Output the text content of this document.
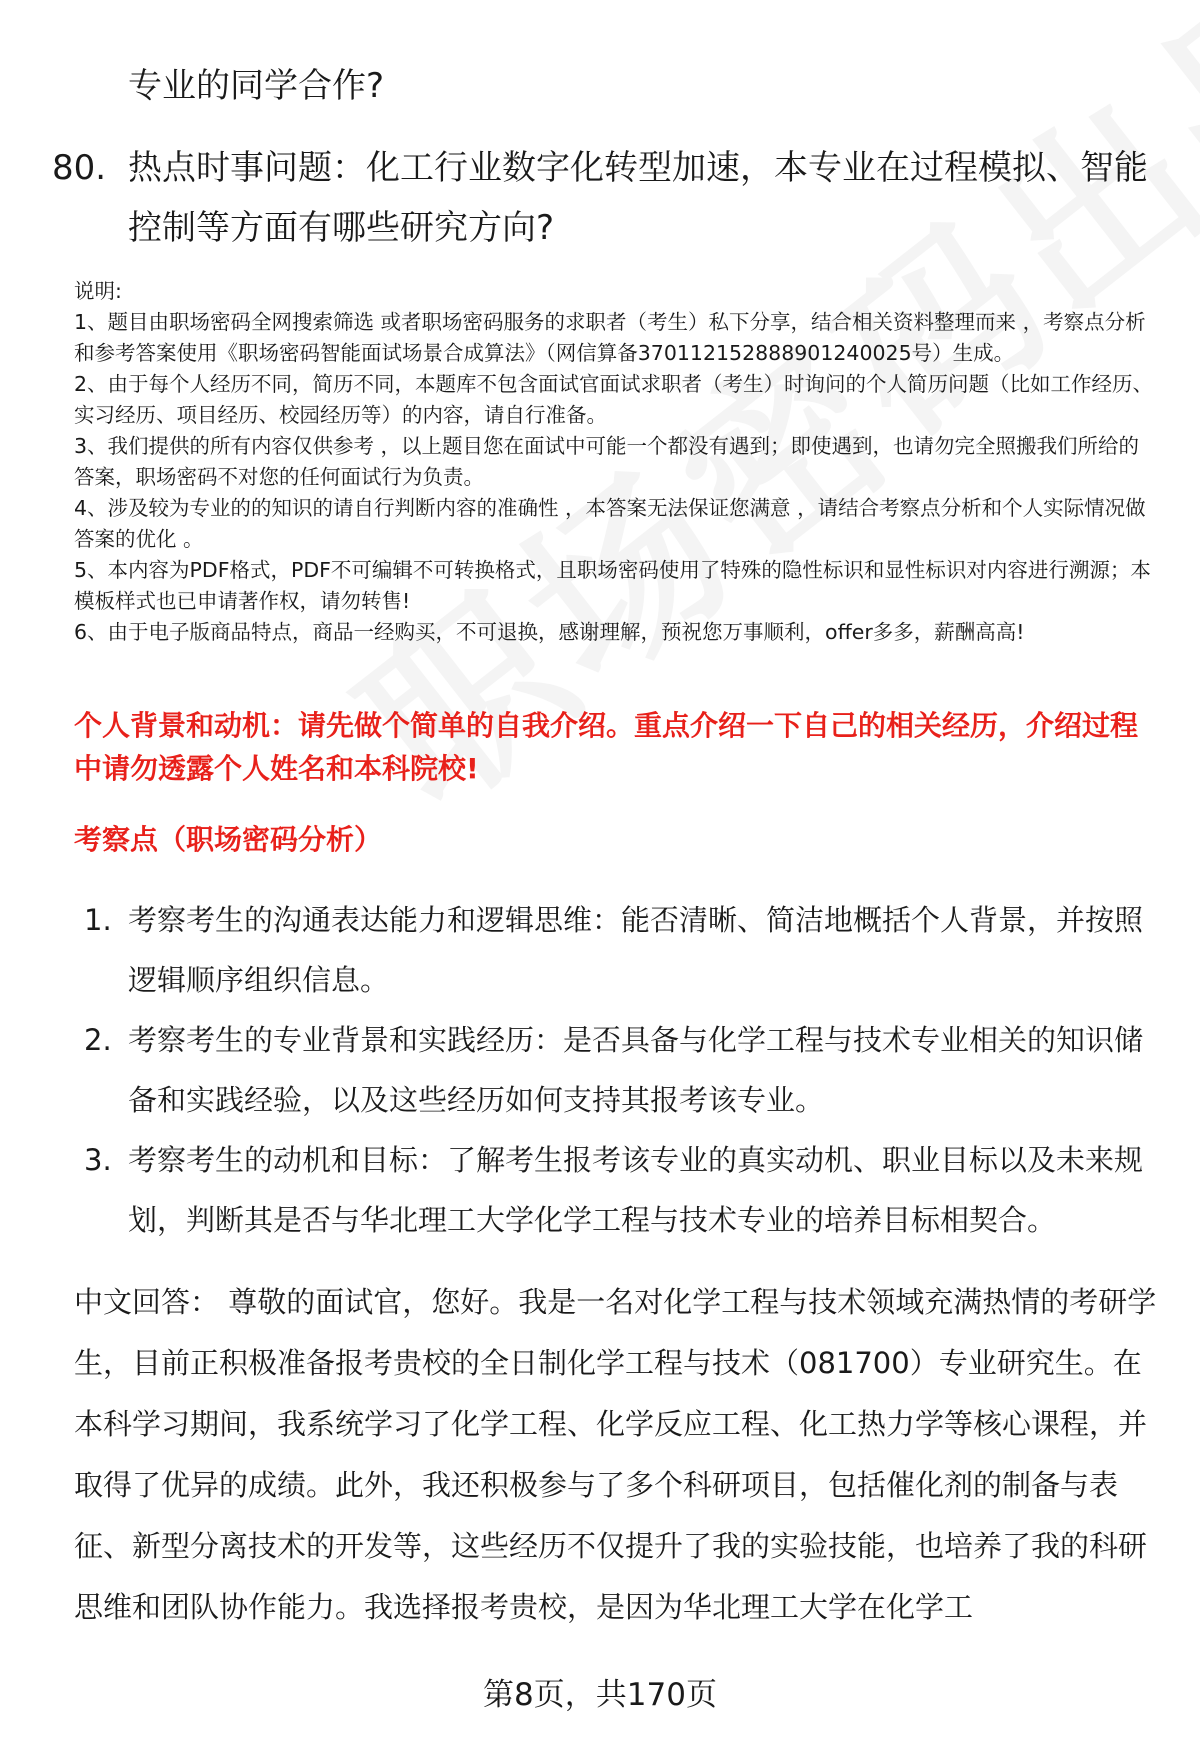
专业的同学合作?
80. 热点时事问题：化工行业数字化转型加速，本专业在过程模拟、智能控制等方面有哪些研究方向?

说明:

1、题目由职场密码全网搜索筛选 或者职场密码服务的求职者（考生）私下分享，结合相关资料整理而来 ，考察点分析和参考答案使用《职场密码智能面试场景合成算法》（网信算备370112152888901240025号）生成。

2、由于每个人经历不同，简历不同，本题库不包含面试官面试求职者（考生）时询问的个人简历问题（比如工作经历、实习经历、项目经历、校园经历等）的内容，请自行准备。

3、我们提供的所有内容仅供参考 ，以上题目您在面试中可能一个都没有遇到；即使遇到，也请勿完全照搬我们所给的答案，职场密码不对您的任何面试行为负责。

4、涉及较为专业的的知识的请自行判断内容的准确性 ，本答案无法保证您满意 ，请结合考察点分析和个人实际情况做答案的优化 。

5、本内容为PDF格式，PDF不可编辑不可转换格式，且职场密码使用了特殊的隐性标识和显性标识对内容进行溯源；本模板样式也已申请著作权，请勿转售!

6、由于电子版商品特点，商品一经购买，不可退换，感谢理解，预祝您万事顺利，offer多多，薪酬高高!

个人背景和动机：请先做个简单的自我介绍。重点介绍一下自己的相关经历，介绍过程中请勿透露个人姓名和本科院校!
考察点（职场密码分析）
1. 考察考生的沟通表达能力和逻辑思维：能否清晰、简洁地概括个人背景，并按照逻辑顺序组织信息。
2. 考察考生的专业背景和实践经历：是否具备与化学工程与技术专业相关的知识储备和实践经验，以及这些经历如何支持其报考该专业。
3. 考察考生的动机和目标：了解考生报考该专业的真实动机、职业目标以及未来规划，判断其是否与华北理工大学化学工程与技术专业的培养目标相契合。
中文回答： 尊敬的面试官，您好。我是一名对化学工程与技术领域充满热情的考研学生，目前正积极准备报考贵校的全日制化学工程与技术（081700）专业研究生。在本科学习期间，我系统学习了化学工程、化学反应工程、化工热力学等核心课程，并取得了优异的成绩。此外，我还积极参与了多个科研项目，包括催化剂的制备与表征、新型分离技术的开发等，这些经历不仅提升了我的实验技能，也培养了我的科研思维和团队协作能力。我选择报考贵校，是因为华北理工大学在化学工
第8页，共170页
